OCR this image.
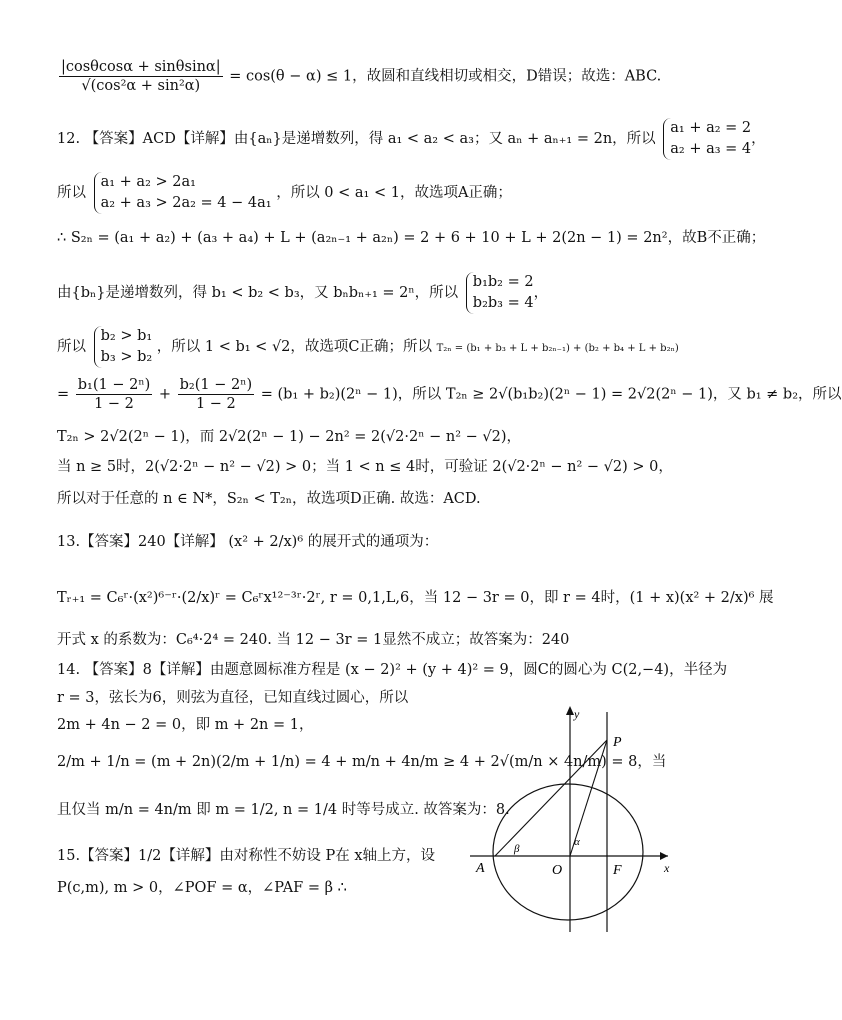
$\frac{|\cos\theta\cos\alpha + \sin\theta\sin\alpha|}{\text{√(cos²α + sin²α)}} = \cos(\theta - \alpha) \le 1$，故圆和直线相切或相交，D错误；故选：ABC.
12. 【答案】ACD【详解】由{aₙ}是递增数列，得 a₁ < a₂ < a₃；又 aₙ + aₙ₊₁ = 2n，所以 a₁ + a₂ = 2
a₂ + a₃ = 4，
所以 a₁ + a₂ > 2a₁
a₂ + a₃ > 2a₂ = 4 − 4a₁ ，所以 0 < a₁ < 1，故选项A正确；
∴ S₂ₙ = (a₁ + a₂) + (a₃ + a₄) + L + (a₂ₙ₋₁ + a₂ₙ) = 2 + 6 + 10 + L + 2(2n − 1) = 2n²，故B不正确；
由{bₙ}是递增数列，得 b₁ < b₂ < b₃，又 bₙbₙ₊₁ = 2ⁿ，所以 b₁b₂ = 2
b₂b₃ = 4，
所以 b₂ > b₁
b₃ > b₂ ，所以 1 < b₁ < √2，故选项C正确；所以 T₂ₙ = (b₁ + b₃ + L + b₂ₙ₋₁) + (b₂ + b₄ + L + b₂ₙ)
= $\frac{\text{b₁(1 − 2ⁿ)}}{1 - 2} + \frac{\text{b₂(1 − 2ⁿ)}}{1 - 2} = (b_1 + b_2)(2^n - 1)$，所以 T₂ₙ ≥ 2√(b₁b₂)(2ⁿ − 1) = 2√2(2ⁿ − 1)，又 b₁ ≠ b₂，所以
T₂ₙ > 2√2(2ⁿ − 1)，而 2√2(2ⁿ − 1) − 2n² = 2(√2·2ⁿ − n² − √2)，
当 n ≥ 5时，2(√2·2ⁿ − n² − √2) > 0；当 1 < n ≤ 4时，可验证 2(√2·2ⁿ − n² − √2) > 0，
所以对于任意的 n ∈ N*，S₂ₙ < T₂ₙ，故选项D正确. 故选：ACD.
13.【答案】240【详解】 (x² + 2/x)⁶ 的展开式的通项为：
Tᵣ₊₁ = C₆ʳ·(x²)⁶⁻ʳ·(2/x)ʳ = C₆ʳx¹²⁻³ʳ·2ʳ, r = 0,1,L,6，当 12 − 3r = 0，即 r = 4时，(1 + x)(x² + 2/x)⁶ 展
开式 x 的系数为：C₆⁴·2⁴ = 240. 当 12 − 3r = 1显然不成立；故答案为：240
14. 【答案】8【详解】由题意圆标准方程是 (x − 2)² + (y + 4)² = 9，圆C的圆心为 C(2,−4)，半径为
r = 3，弦长为6，则弦为直径，已知直线过圆心，所以
2m + 4n − 2 = 0，即 m + 2n = 1，
2/m + 1/n = (m + 2n)(2/m + 1/n) = 4 + m/n + 4n/m ≥ 4 + 2√(m/n × 4n/m) = 8，当
且仅当 m/n = 4n/m 即 m = 1/2, n = 1/4 时等号成立. 故答案为：8.
15.【答案】1/2【详解】由对称性不妨设 P在 x轴上方，设
P(c,m), m > 0，∠POF = α，∠PAF = β ∴
y
x
P
A	O	F
α
β
